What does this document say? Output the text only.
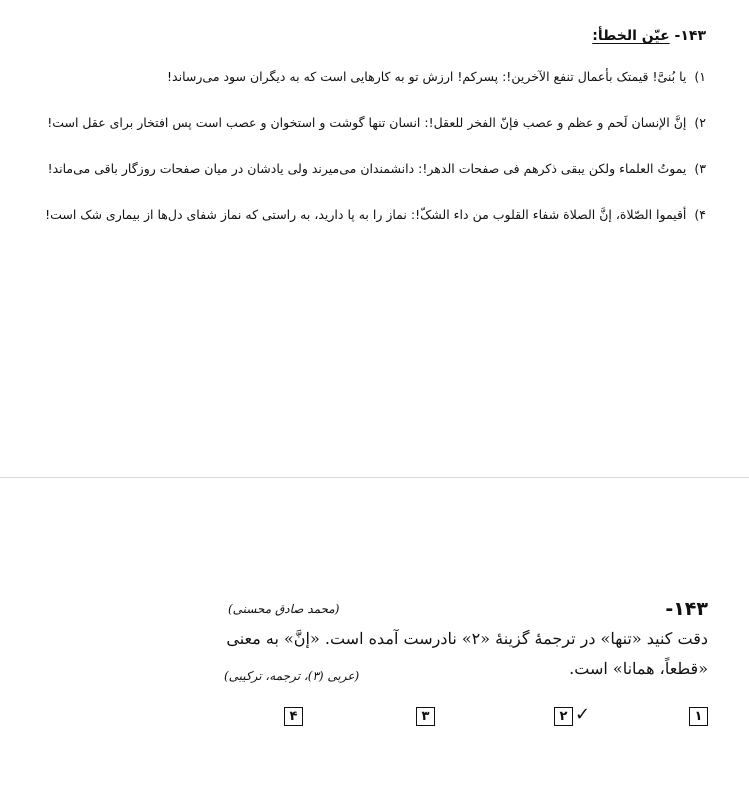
۱۴۳- عیّن الخطأ:
۱) یا بُنیَّ! قیمتک بأعمال تنفع الآخرین!: پسرکم! ارزش تو به کارهایی است که به دیگران سود می‌رساند!
۲) إنَّ الإنسان لَحم و عظم و عصب فإنّ الفخر للعقل!: انسان تنها گوشت و استخوان و عصب است پس افتخار برای عقل است!
۳) یموتُ العلماء ولکن یبقی ذکرهم فی صفحات الدهر!: دانشمندان می‌میرند ولی یادشان در میان صفحات روزگار باقی می‌ماند!
۴) أقیموا الصّلاة، إنَّ الصلاة شفاء القلوب من داء الشکّ!: نماز را به پا دارید، به راستی که نماز شفای دل‌ها از بیماری شک است!
۱۴۳-
(محمد صادق محسنی)
دقت کنید «تنها» در ترجمهٔ گزینهٔ «۲» نادرست آمده است. «إنَّ» به معنی
«قطعاً، همانا» است.
(عربی (۳)، ترجمه، ترکیبی)
۴	۳	۲ ✓	۱
